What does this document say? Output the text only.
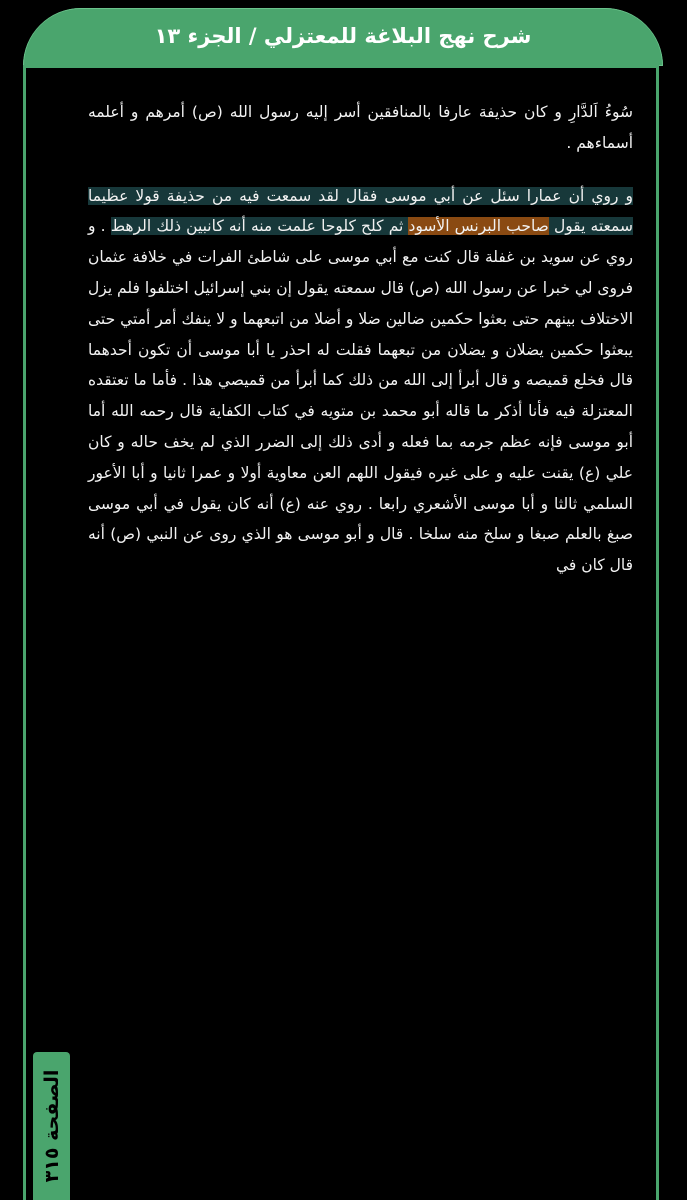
شرح نهج البلاغة للمعتزلي / الجزء ١٣

سُوءُ اَلدَّارِ و كان حذيفة عارفا بالمنافقين أسر إليه رسول الله (ص) أمرهم و أعلمه أسماءهم .

و روي أن عمارا سئل عن أبي موسى فقال لقد سمعت فيه من حذيفة قولا عظيما سمعته يقول صاحب البرنس الأسود ثم كلح كلوحا علمت منه أنه كانبين ذلك الرهط . و روي عن سويد بن غفلة قال كنت مع أبي موسى على شاطئ الفرات في خلافة عثمان فروى لي خبرا عن رسول الله (ص) قال سمعته يقول إن بني إسرائيل اختلفوا فلم يزل الاختلاف بينهم حتى بعثوا حكمين ضالين ضلا و أضلا من اتبعهما و لا ينفك أمر أمتي حتى يبعثوا حكمين يضلان و يضلان من تبعهما فقلت له احذر يا أبا موسى أن تكون أحدهما قال فخلع قميصه و قال أبرأ إلى الله من ذلك كما أبرأ من قميصي هذا . فأما ما تعتقده المعتزلة فيه فأنا أذكر ما قاله أبو محمد بن متويه في كتاب الكفاية قال رحمه الله أما أبو موسى فإنه عظم جرمه بما فعله و أدى ذلك إلى الضرر الذي لم يخف حاله و كان علي (ع) يقنت عليه و على غيره فيقول اللهم العن معاوية أولا و عمرا ثانيا و أبا الأعور السلمي ثالثا و أبا موسى الأشعري رابعا . روي عنه (ع) أنه كان يقول في أبي موسى صبغ بالعلم صبغا و سلخ منه سلخا . قال و أبو موسى هو الذي روى عن النبي (ص) أنه قال كان في

الصفحة ٣١٥
